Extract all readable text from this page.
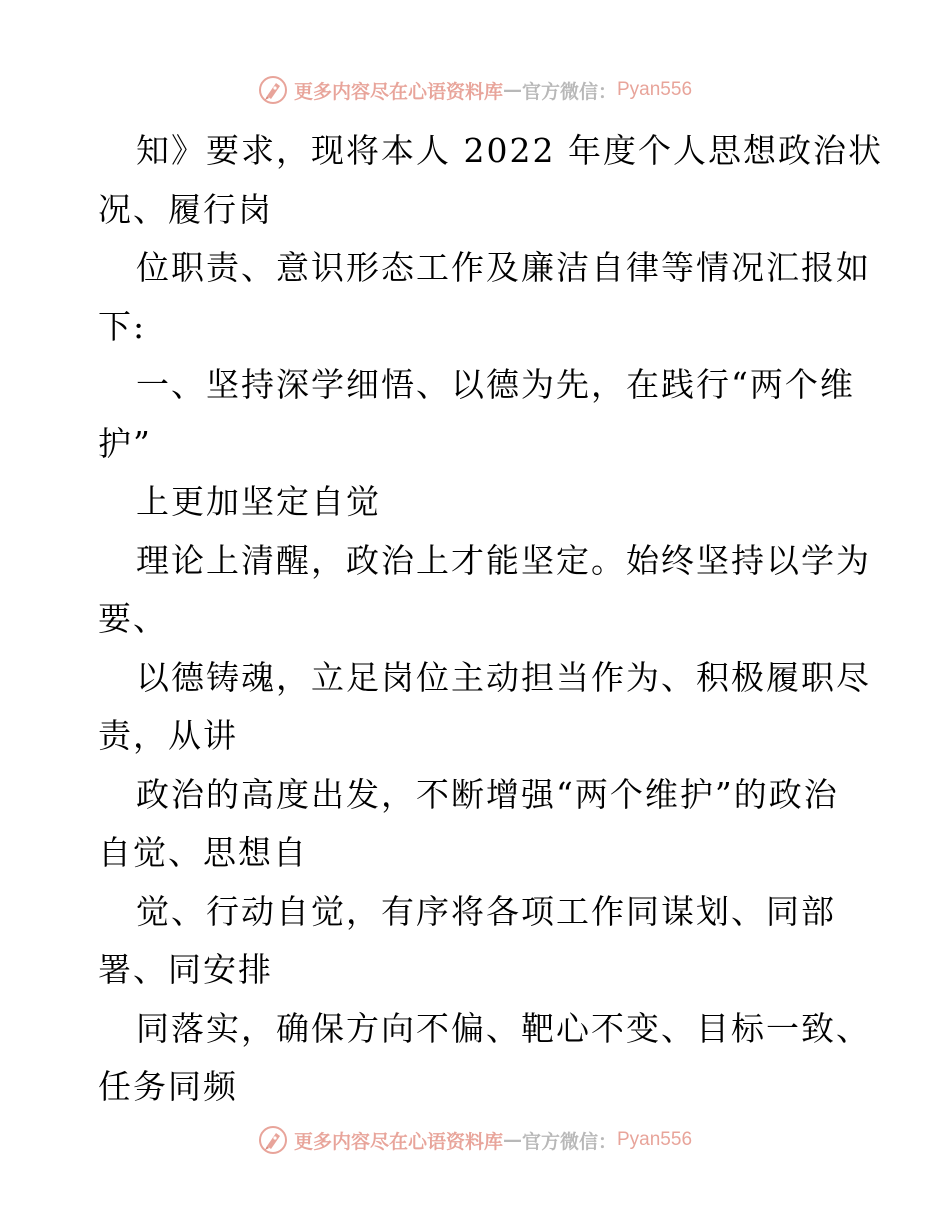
更多内容尽在心语资料库 — 官方微信： Pyan556
知》要求，现将本人 2022 年度个人思想政治状
况、履行岗
位职责、意识形态工作及廉洁自律等情况汇报如
下:
一、坚持深学细悟、以德为先，在践行“两个维
护”
上更加坚定自觉
理论上清醒，政治上才能坚定。始终坚持以学为
要、
以德铸魂，立足岗位主动担当作为、积极履职尽
责，从讲
政治的高度出发，不断增强“两个维护”的政治
自觉、思想自
觉、行动自觉，有序将各项工作同谋划、同部
署、同安排
同落实，确保方向不偏、靶心不变、目标一致、
任务同频
更多内容尽在心语资料库 — 官方微信： Pyan556
